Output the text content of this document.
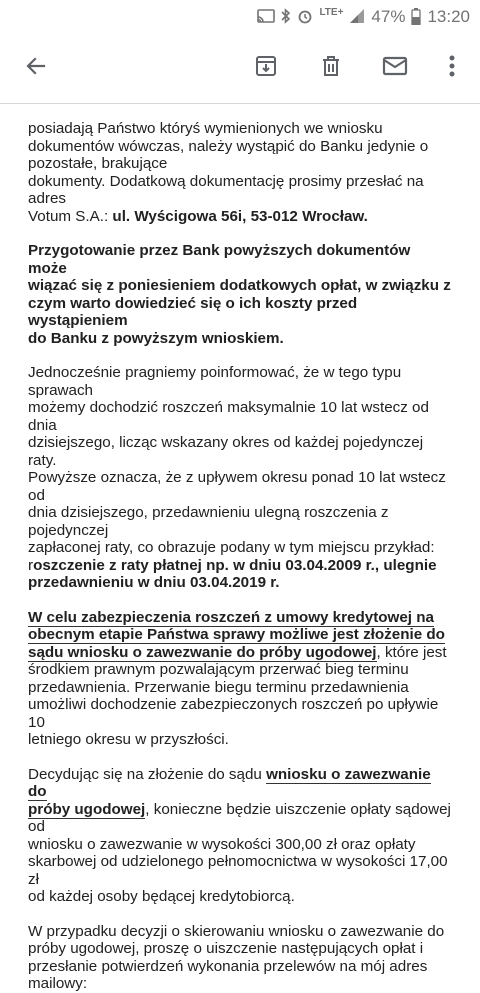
LTE+ 47% 13:20

posiadają Państwo któryś wymienionych we wniosku
dokumentów wówczas, należy wystąpić do Banku jedynie o
pozostałe, brakujące
dokumenty. Dodatkową dokumentację prosimy przesłać na adres
Votum S.A.: ul. Wyścigowa 56i, 53-012 Wrocław.

Przygotowanie przez Bank powyższych dokumentów może
wiązać się z poniesieniem dodatkowych opłat, w związku z
czym warto dowiedzieć się o ich koszty przed wystąpieniem
do Banku z powyższym wnioskiem.

Jednocześnie pragniemy poinformować, że w tego typu sprawach
możemy dochodzić roszczeń maksymalnie 10 lat wstecz od dnia
dzisiejszego, licząc wskazany okres od każdej pojedynczej raty.
Powyższe oznacza, że z upływem okresu ponad 10 lat wstecz od
dnia dzisiejszego, przedawnieniu ulegną roszczenia z pojedynczej
zapłaconej raty, co obrazuje podany w tym miejscu przykład:
roszczenie z raty płatnej np. w dniu 03.04.2009 r., ulegnie
przedawnieniu w dniu 03.04.2019 r.

W celu zabezpieczenia roszczeń z umowy kredytowej na
obecnym etapie Państwa sprawy możliwe jest złożenie do
sądu wniosku o zawezwanie do próby ugodowej, które jest
środkiem prawnym pozwalającym przerwać bieg terminu
przedawnienia. Przerwanie biegu terminu przedawnienia
umożliwi dochodzenie zabezpieczonych roszczeń po upływie 10
letniego okresu w przyszłości.

Decydując się na złożenie do sądu wniosku o zawezwanie do
próby ugodowej, konieczne będzie uiszczenie opłaty sądowej od
wniosku o zawezwanie w wysokości 300,00 zł oraz opłaty
skarbowej od udzielonego pełnomocnictwa w wysokości 17,00 zł
od każdej osoby będącej kredytobiorcą.

W przypadku decyzji o skierowaniu wniosku o zawezwanie do
próby ugodowej, proszę o uiszczenie następujących opłat i
przesłanie potwierdzeń wykonania przelewów na mój adres
mailowy:
